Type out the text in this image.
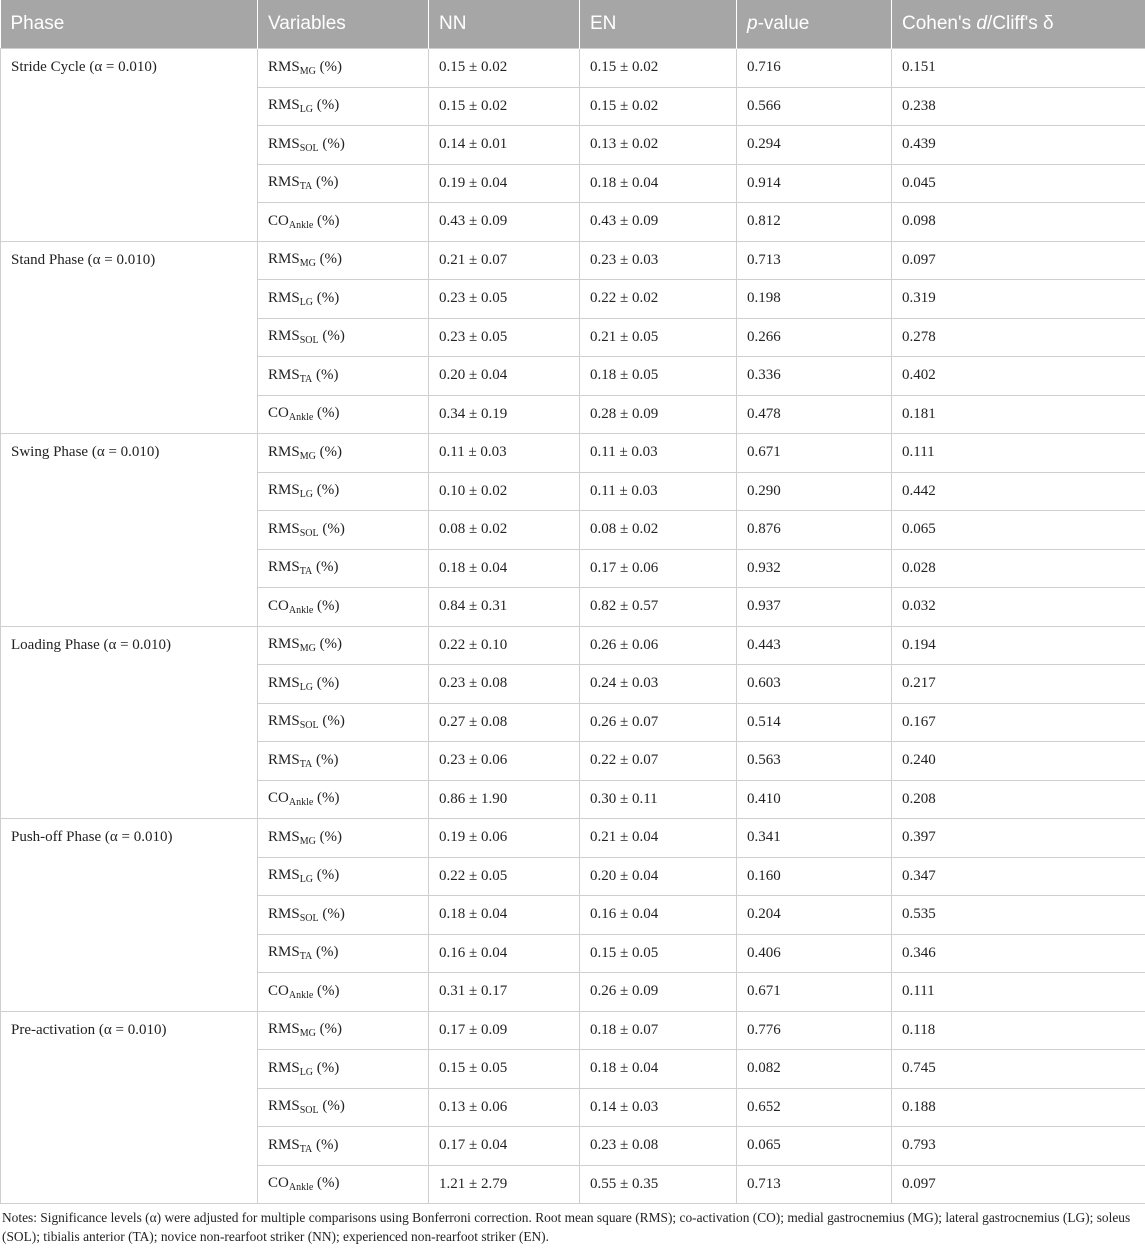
Phase	Variables	NN	EN	p-value	Cohen's d/Cliff's δ
Stride Cycle (α = 0.010)	$RMS_{MG}$ (%)	0.15 ± 0.02	0.15 ± 0.02	0.716	0.151
	$RMS_{LG}$ (%)	0.15 ± 0.02	0.15 ± 0.02	0.566	0.238
	$RMS_{SOL}$ (%)	0.14 ± 0.01	0.13 ± 0.02	0.294	0.439
	$RMS_{TA}$ (%)	0.19 ± 0.04	0.18 ± 0.04	0.914	0.045
	$CO_{Ankle}$ (%)	0.43 ± 0.09	0.43 ± 0.09	0.812	0.098
Stand Phase (α = 0.010)	$RMS_{MG}$ (%)	0.21 ± 0.07	0.23 ± 0.03	0.713	0.097
	$RMS_{LG}$ (%)	0.23 ± 0.05	0.22 ± 0.02	0.198	0.319
	$RMS_{SOL}$ (%)	0.23 ± 0.05	0.21 ± 0.05	0.266	0.278
	$RMS_{TA}$ (%)	0.20 ± 0.04	0.18 ± 0.05	0.336	0.402
	$CO_{Ankle}$ (%)	0.34 ± 0.19	0.28 ± 0.09	0.478	0.181
Swing Phase (α = 0.010)	$RMS_{MG}$ (%)	0.11 ± 0.03	0.11 ± 0.03	0.671	0.111
	$RMS_{LG}$ (%)	0.10 ± 0.02	0.11 ± 0.03	0.290	0.442
	$RMS_{SOL}$ (%)	0.08 ± 0.02	0.08 ± 0.02	0.876	0.065
	$RMS_{TA}$ (%)	0.18 ± 0.04	0.17 ± 0.06	0.932	0.028
	$CO_{Ankle}$ (%)	0.84 ± 0.31	0.82 ± 0.57	0.937	0.032
Loading Phase (α = 0.010)	$RMS_{MG}$ (%)	0.22 ± 0.10	0.26 ± 0.06	0.443	0.194
	$RMS_{LG}$ (%)	0.23 ± 0.08	0.24 ± 0.03	0.603	0.217
	$RMS_{SOL}$ (%)	0.27 ± 0.08	0.26 ± 0.07	0.514	0.167
	$RMS_{TA}$ (%)	0.23 ± 0.06	0.22 ± 0.07	0.563	0.240
	$CO_{Ankle}$ (%)	0.86 ± 1.90	0.30 ± 0.11	0.410	0.208
Push-off Phase (α = 0.010)	$RMS_{MG}$ (%)	0.19 ± 0.06	0.21 ± 0.04	0.341	0.397
	$RMS_{LG}$ (%)	0.22 ± 0.05	0.20 ± 0.04	0.160	0.347
	$RMS_{SOL}$ (%)	0.18 ± 0.04	0.16 ± 0.04	0.204	0.535
	$RMS_{TA}$ (%)	0.16 ± 0.04	0.15 ± 0.05	0.406	0.346
	$CO_{Ankle}$ (%)	0.31 ± 0.17	0.26 ± 0.09	0.671	0.111
Pre-activation (α = 0.010)	$RMS_{MG}$ (%)	0.17 ± 0.09	0.18 ± 0.07	0.776	0.118
	$RMS_{LG}$ (%)	0.15 ± 0.05	0.18 ± 0.04	0.082	0.745
	$RMS_{SOL}$ (%)	0.13 ± 0.06	0.14 ± 0.03	0.652	0.188
	$RMS_{TA}$ (%)	0.17 ± 0.04	0.23 ± 0.08	0.065	0.793
	$CO_{Ankle}$ (%)	1.21 ± 2.79	0.55 ± 0.35	0.713	0.097
Notes: Significance levels (α) were adjusted for multiple comparisons using Bonferroni correction. Root mean square (RMS); co-activation (CO); medial gastrocnemius (MG); lateral gastrocnemius (LG); soleus (SOL); tibialis anterior (TA); novice non-rearfoot striker (NN); experienced non-rearfoot striker (EN).
